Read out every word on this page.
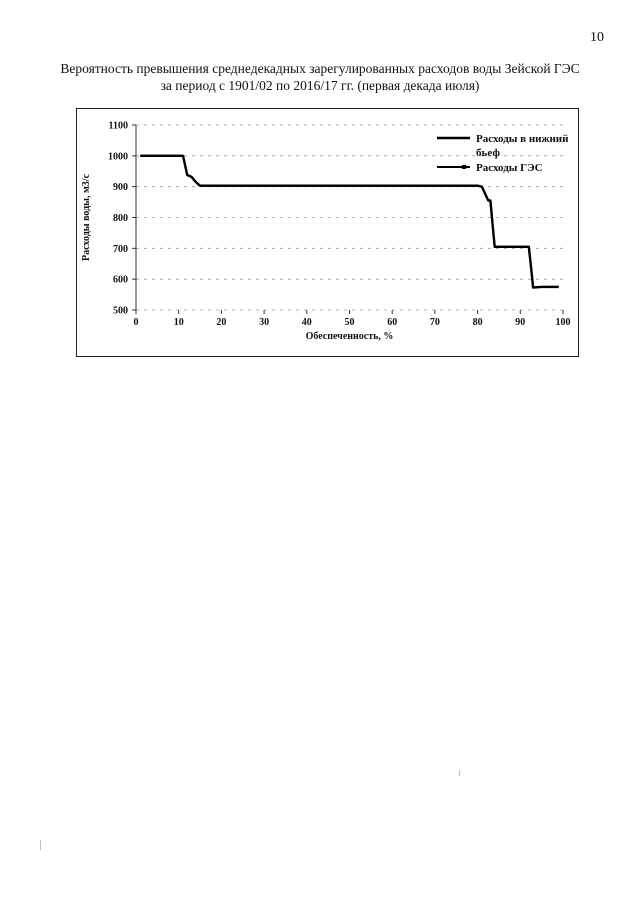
10
Вероятность превышения среднедекадных зарегулированных расходов воды Зейской ГЭС
за период с 1901/02 по 2016/17 гг. (первая декада июля)
500
600
700
800
900
1000
1100
0	10	20	30	40	50	60	70	80	90	100
Обеспеченность, %
Расходы воды, м3/с
Расходы в нижний
бьеф
Расходы ГЭС
